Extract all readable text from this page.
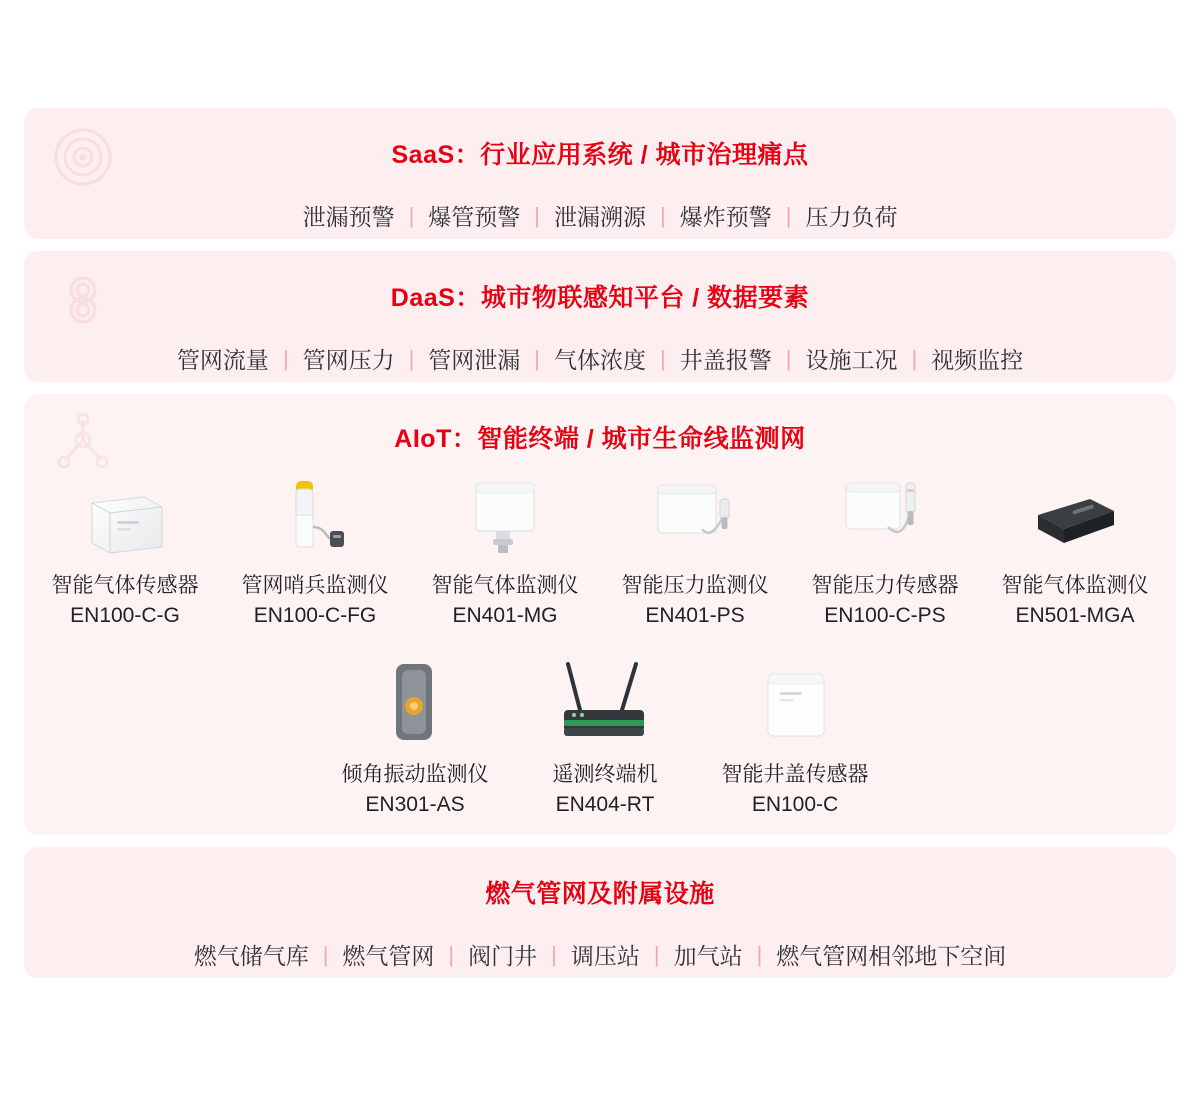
SaaS：行业应用系统 / 城市治理痛点
泄漏预警 | 爆管预警 | 泄漏溯源 | 爆炸预警 | 压力负荷
DaaS：城市物联感知平台 / 数据要素
管网流量 | 管网压力 | 管网泄漏 | 气体浓度 | 井盖报警 | 设施工况 | 视频监控
AIoT：智能终端 / 城市生命线监测网
智能气体传感器
EN100-C-G
管网哨兵监测仪
EN100-C-FG
智能气体监测仪
EN401-MG
智能压力监测仪
EN401-PS
智能压力传感器
EN100-C-PS
智能气体监测仪
EN501-MGA
倾角振动监测仪
EN301-AS
遥测终端机
EN404-RT
智能井盖传感器
EN100-C
燃气管网及附属设施
燃气储气库 | 燃气管网 | 阀门井 | 调压站 | 加气站 | 燃气管网相邻地下空间
